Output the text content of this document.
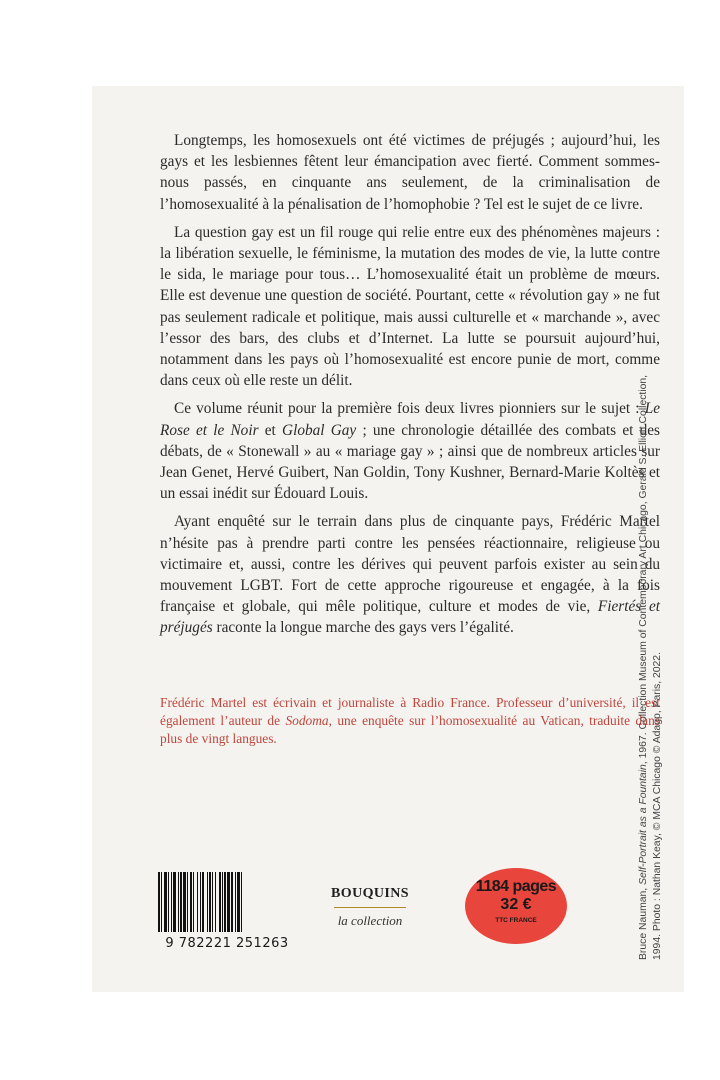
Longtemps, les homosexuels ont été victimes de préjugés ; aujourd’hui, les gays et les lesbiennes fêtent leur émancipation avec fierté. Comment sommes-nous passés, en cinquante ans seulement, de la criminalisation de l’homosexualité à la pénalisation de l’homophobie ? Tel est le sujet de ce livre.

La question gay est un fil rouge qui relie entre eux des phénomènes majeurs : la libération sexuelle, le féminisme, la mutation des modes de vie, la lutte contre le sida, le mariage pour tous… L’homosexualité était un problème de mœurs. Elle est devenue une question de société. Pourtant, cette « révolution gay » ne fut pas seulement radicale et politique, mais aussi culturelle et « marchande », avec l’essor des bars, des clubs et d’Internet. La lutte se poursuit aujourd’hui, notamment dans les pays où l’homosexualité est encore punie de mort, comme dans ceux où elle reste un délit.

Ce volume réunit pour la première fois deux livres pionniers sur le sujet : Le Rose et le Noir et Global Gay ; une chronologie détaillée des combats et des débats, de « Stonewall » au « mariage gay » ; ainsi que de nombreux articles sur Jean Genet, Hervé Guibert, Nan Goldin, Tony Kushner, Bernard-Marie Koltès et un essai inédit sur Édouard Louis.

Ayant enquêté sur le terrain dans plus de cinquante pays, Frédéric Martel n’hésite pas à prendre parti contre les pensées réactionnaire, religieuse ou victimaire et, aussi, contre les dérives qui peuvent parfois exister au sein du mouvement LGBT. Fort de cette approche rigoureuse et engagée, à la fois française et globale, qui mêle politique, culture et modes de vie, Fiertés et préjugés raconte la longue marche des gays vers l’égalité.

Frédéric Martel est écrivain et journaliste à Radio France. Professeur d’université, il est également l’auteur de Sodoma, une enquête sur l’homosexualité au Vatican, traduite dans plus de vingt langues.
9 782221 251263
BOUQUINS
la collection
1184 pages
32 €
TTC FRANCE	Bruce Nauman, Self-Portrait as a Fountain, 1967. Collection Museum of Contemporary Art Chicago, Gerald S. Elliott Collection,
1994. Photo : Nathan Keay, © MCA Chicago © Adagp, Paris, 2022.
